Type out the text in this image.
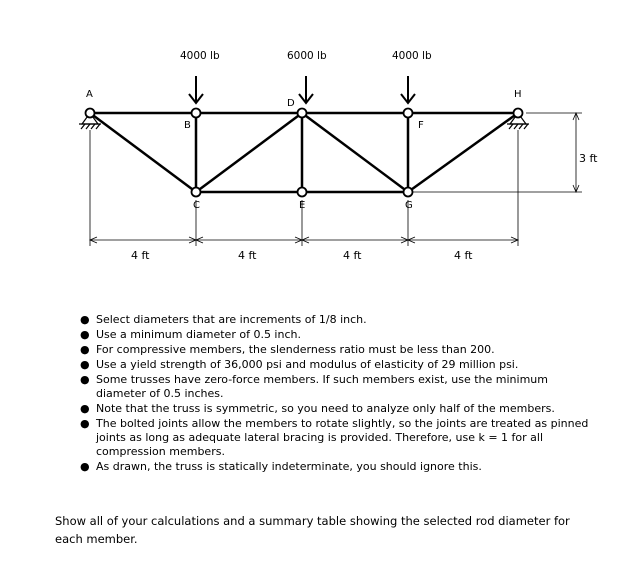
4000 lb	6000 lb	4000 lb
A
B
C
D
E
F
G
H
4 ft	4 ft	4 ft	4 ft
3 ft
● Select diameters that are increments of 1/8 inch.
● Use a minimum diameter of 0.5 inch.
● For compressive members, the slenderness ratio must be less than 200.
● Use a yield strength of 36,000 psi and modulus of elasticity of 29 million psi.
● Some trusses have zero-force members. If such members exist, use the minimum diameter of 0.5 inches.
● Note that the truss is symmetric, so you need to analyze only half of the members.
● The bolted joints allow the members to rotate slightly, so the joints are treated as pinned joints as long as adequate lateral bracing is provided. Therefore, use k = 1 for all compression members.
● As drawn, the truss is statically indeterminate, you should ignore this.

Show all of your calculations and a summary table showing the selected rod diameter for each member.
